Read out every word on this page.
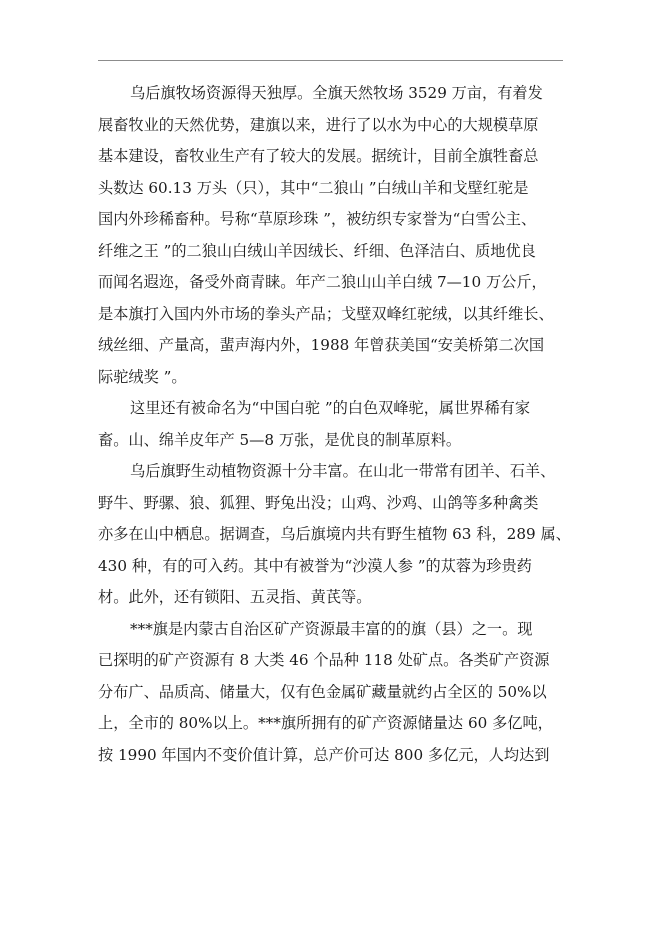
乌后旗牧场资源得天独厚。全旗天然牧场 3529 万亩，有着发
展畜牧业的天然优势，建旗以来，进行了以水为中心的大规模草原
基本建设，畜牧业生产有了较大的发展。据统计，目前全旗牲畜总
头数达 60.13 万头（只），其中“二狼山 ”白绒山羊和戈壁红驼是
国内外珍稀畜种。号称“草原珍珠 ”，被纺织专家誉为“白雪公主、
纤维之王 ”的二狼山白绒山羊因绒长、纤细、色泽洁白、质地优良
而闻名遐迩，备受外商青睐。年产二狼山山羊白绒 7—10 万公斤，
是本旗打入国内外市场的拳头产品；戈壁双峰红驼绒，以其纤维长、
绒丝细、产量高，蜚声海内外，1988 年曾获美国“安美桥第二次国
际驼绒奖 ”。
这里还有被命名为“中国白驼 ”的白色双峰驼，属世界稀有家
畜。山、绵羊皮年产 5—8 万张，是优良的制革原料。
乌后旗野生动植物资源十分丰富。在山北一带常有团羊、石羊、
野牛、野骡、狼、狐狸、野兔出没；山鸡、沙鸡、山鸽等多种禽类
亦多在山中栖息。据调查，乌后旗境内共有野生植物 63 科，289 属、
430 种，有的可入药。其中有被誉为“沙漠人参 ”的苁蓉为珍贵药
材。此外，还有锁阳、五灵指、黄芪等。
***旗是内蒙古自治区矿产资源最丰富的的旗（县）之一。现
已探明的矿产资源有 8 大类 46 个品种 118 处矿点。各类矿产资源
分布广、品质高、储量大，仅有色金属矿藏量就约占全区的 50%以
上，全市的 80%以上。***旗所拥有的矿产资源储量达 60 多亿吨，
按 1990 年国内不变价值计算，总产价可达 800 多亿元，人均达到
